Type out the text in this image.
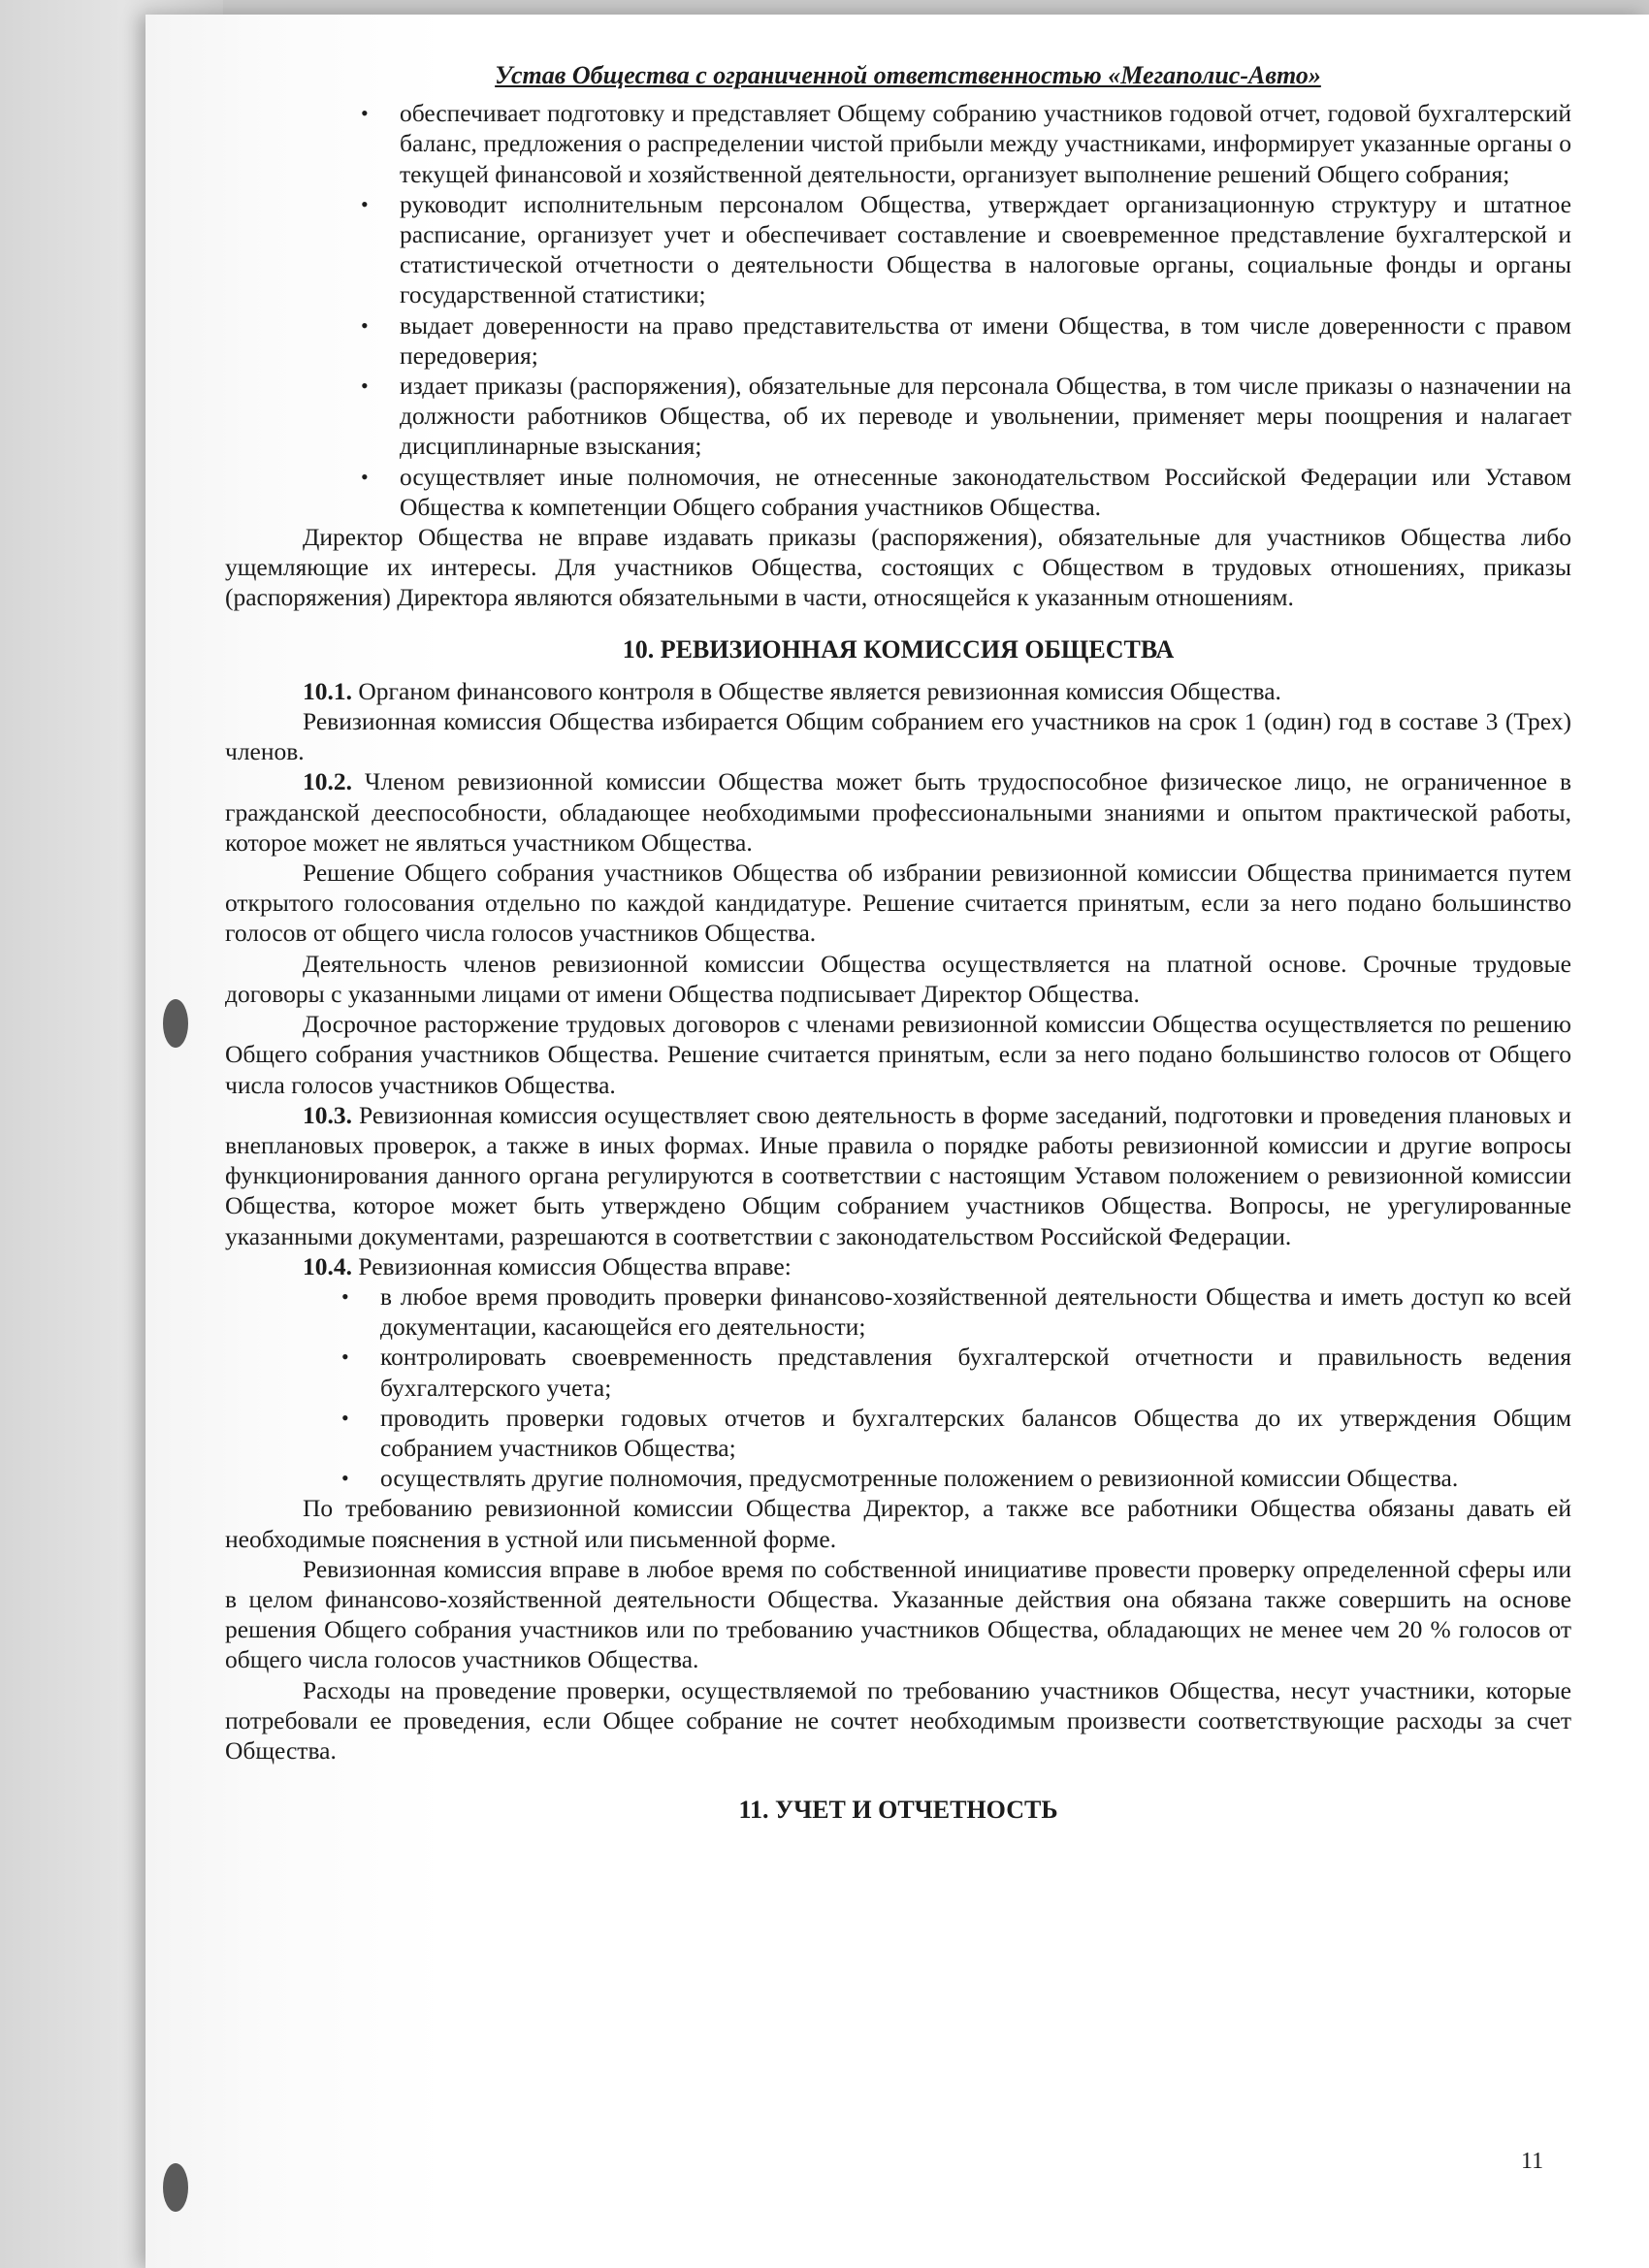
Устав Общества с ограниченной ответственностью «Мегаполис-Авто»
• обеспечивает подготовку и представляет Общему собранию участников годовой отчет, годовой бухгалтерский баланс, предложения о распределении чистой прибыли между участниками, информирует указанные органы о текущей финансовой и хозяйственной деятельности, организует выполнение решений Общего собрания;
• руководит исполнительным персоналом Общества, утверждает организационную структуру и штатное расписание, организует учет и обеспечивает составление и своевременное представление бухгалтерской и статистической отчетности о деятельности Общества в налоговые органы, социальные фонды и органы государственной статистики;
• выдает доверенности на право представительства от имени Общества, в том числе доверенности с правом передоверия;
• издает приказы (распоряжения), обязательные для персонала Общества, в том числе приказы о назначении на должности работников Общества, об их переводе и увольнении, применяет меры поощрения и налагает дисциплинарные взыскания;
• осуществляет иные полномочия, не отнесенные законодательством Российской Федерации или Уставом Общества к компетенции Общего собрания участников Общества.

Директор Общества не вправе издавать приказы (распоряжения), обязательные для участников Общества либо ущемляющие их интересы. Для участников Общества, состоящих с Обществом в трудовых отношениях, приказы (распоряжения) Директора являются обязательными в части, относящейся к указанным отношениям.

10. РЕВИЗИОННАЯ КОМИССИЯ ОБЩЕСТВА

10.1. Органом финансового контроля в Обществе является ревизионная комиссия Общества.

Ревизионная комиссия Общества избирается Общим собранием его участников на срок 1 (один) год в составе 3 (Трех) членов.

10.2. Членом ревизионной комиссии Общества может быть трудоспособное физическое лицо, не ограниченное в гражданской дееспособности, обладающее необходимыми профессиональными знаниями и опытом практической работы, которое может не являться участником Общества.

Решение Общего собрания участников Общества об избрании ревизионной комиссии Общества принимается путем открытого голосования отдельно по каждой кандидатуре. Решение считается принятым, если за него подано большинство голосов от общего числа голосов участников Общества.

Деятельность членов ревизионной комиссии Общества осуществляется на платной основе. Срочные трудовые договоры с указанными лицами от имени Общества подписывает Директор Общества.

Досрочное расторжение трудовых договоров с членами ревизионной комиссии Общества осуществляется по решению Общего собрания участников Общества. Решение считается принятым, если за него подано большинство голосов от Общего числа голосов участников Общества.

10.3. Ревизионная комиссия осуществляет свою деятельность в форме заседаний, подготовки и проведения плановых и внеплановых проверок, а также в иных формах. Иные правила о порядке работы ревизионной комиссии и другие вопросы функционирования данного органа регулируются в соответствии с настоящим Уставом положением о ревизионной комиссии Общества, которое может быть утверждено Общим собранием участников Общества. Вопросы, не урегулированные указанными документами, разрешаются в соответствии с законодательством Российской Федерации.

10.4. Ревизионная комиссия Общества вправе:

• в любое время проводить проверки финансово-хозяйственной деятельности Общества и иметь доступ ко всей документации, касающейся его деятельности;
• контролировать своевременность представления бухгалтерской отчетности и правильность ведения бухгалтерского учета;
• проводить проверки годовых отчетов и бухгалтерских балансов Общества до их утверждения Общим собранием участников Общества;
• осуществлять другие полномочия, предусмотренные положением о ревизионной комиссии Общества.

По требованию ревизионной комиссии Общества Директор, а также все работники Общества обязаны давать ей необходимые пояснения в устной или письменной форме.

Ревизионная комиссия вправе в любое время по собственной инициативе провести проверку определенной сферы или в целом финансово-хозяйственной деятельности Общества. Указанные действия она обязана также совершить на основе решения Общего собрания участников или по требованию участников Общества, обладающих не менее чем 20 % голосов от общего числа голосов участников Общества.

Расходы на проведение проверки, осуществляемой по требованию участников Общества, несут участники, которые потребовали ее проведения, если Общее собрание не сочтет необходимым произвести соответствующие расходы за счет Общества.

11. УЧЕТ И ОТЧЕТНОСТЬ
11
